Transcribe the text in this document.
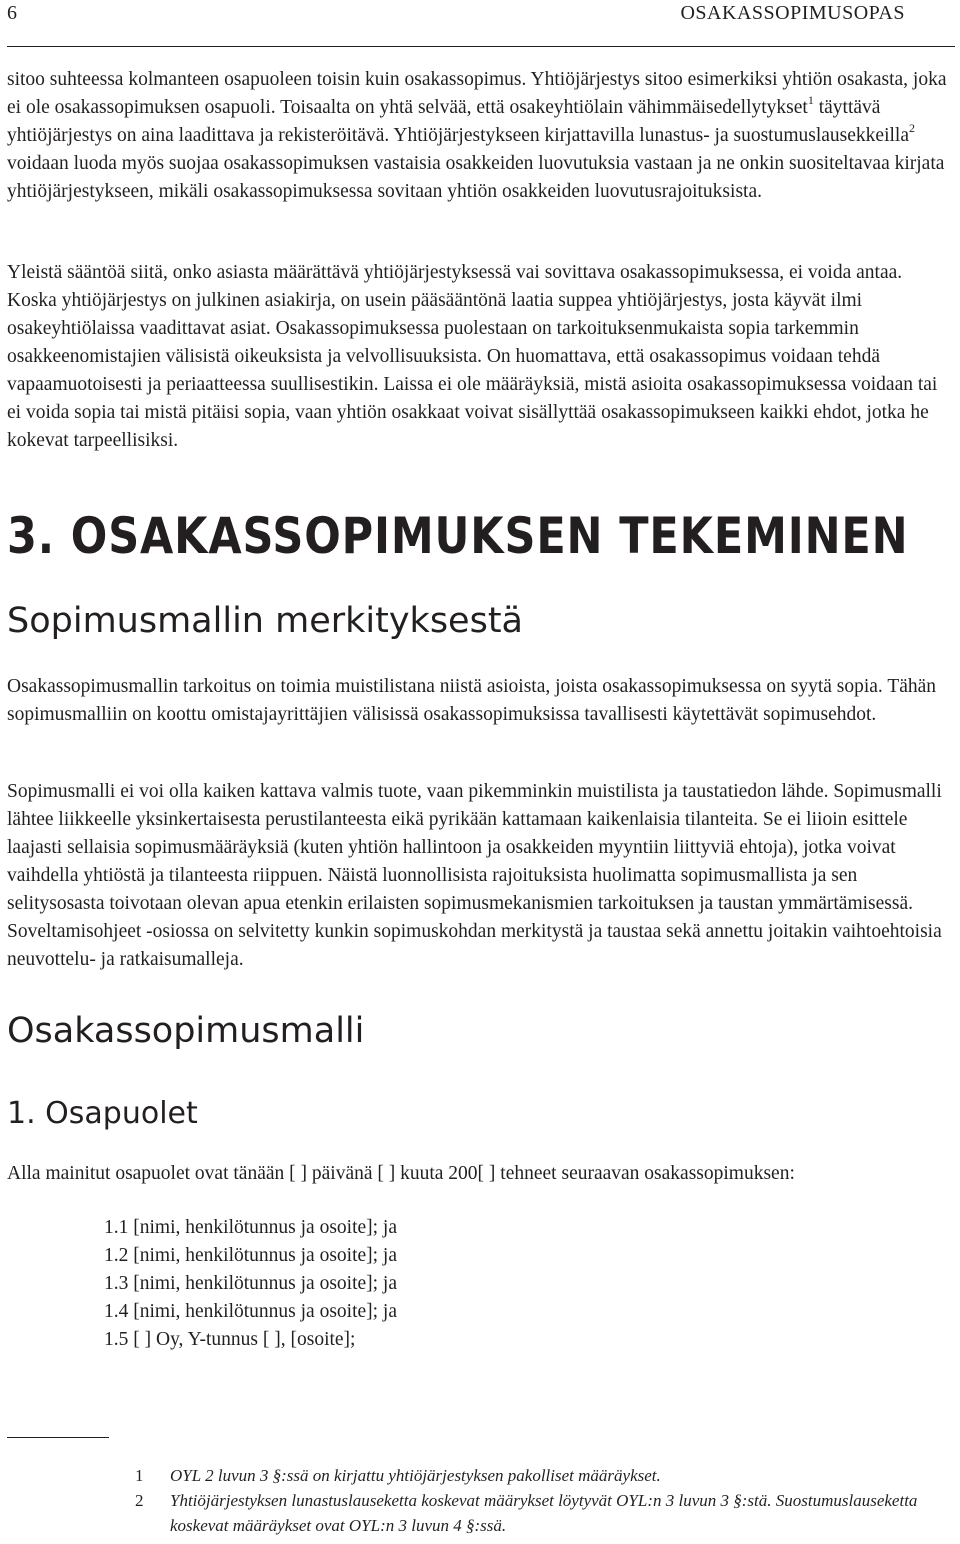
6	OSAKASSOPIMUSOPAS

sitoo suhteessa kolmanteen osapuoleen toisin kuin osakassopimus. Yhtiöjärjestys sitoo esimerkiksi yhtiön osakasta, joka ei ole osakassopimuksen osapuoli. Toisaalta on yhtä selvää, että osakeyhtiölain vähimmäisedellytykset$^1$ täyttävä yhtiöjärjestys on aina laadittava ja rekisteröitävä. Yhtiöjärjestykseen kirjattavilla lunastus- ja suostumuslausekkeilla$^2$ voidaan luoda myös suojaa osakassopimuksen vastaisia osakkeiden luovutuksia vastaan ja ne onkin suositeltavaa kirjata yhtiöjärjestykseen, mikäli osakassopimuksessa sovitaan yhtiön osakkeiden luovutusrajoituksista.

Yleistä sääntöä siitä, onko asiasta määrättävä yhtiöjärjestyksessä vai sovittava osakassopimuksessa, ei voida antaa. Koska yhtiöjärjestys on julkinen asiakirja, on usein pääsääntönä laatia suppea yhtiöjärjestys, josta käyvät ilmi osakeyhtiölaissa vaadittavat asiat. Osakassopimuksessa puolestaan on tarkoituksenmukaista sopia tarkemmin osakkeenomistajien välisistä oikeuksista ja velvollisuuksista. On huomattava, että osakassopimus voidaan tehdä vapaamuotoisesti ja periaatteessa suullisestikin. Laissa ei ole määräyksiä, mistä asioita osakassopimuksessa voidaan tai ei voida sopia tai mistä pitäisi sopia, vaan yhtiön osakkaat voivat sisällyttää osakassopimukseen kaikki ehdot, jotka he kokevat tarpeellisiksi.

3. OSAKASSOPIMUKSEN TEKEMINEN
Sopimusmallin merkityksestä

Osakassopimusmallin tarkoitus on toimia muistilistana niistä asioista, joista osakassopimuksessa on syytä sopia. Tähän sopimusmalliin on koottu omistajayrittäjien välisissä osakassopimuksissa tavallisesti käytettävät sopimusehdot.

Sopimusmalli ei voi olla kaiken kattava valmis tuote, vaan pikemminkin muistilista ja taustatiedon lähde. Sopimusmalli lähtee liikkeelle yksinkertaisesta perustilanteesta eikä pyrikään kattamaan kaikenlaisia tilanteita. Se ei liioin esittele laajasti sellaisia sopimusmääräyksiä (kuten yhtiön hallintoon ja osakkeiden myyntiin liittyviä ehtoja), jotka voivat vaihdella yhtiöstä ja tilanteesta riippuen. Näistä luonnollisista rajoituksista huolimatta sopimusmallista ja sen selitysosasta toivotaan olevan apua etenkin erilaisten sopimusmekanismien tarkoituksen ja taustan ymmärtämisessä. Soveltamisohjeet -osiossa on selvitetty kunkin sopimuskohdan merkitystä ja taustaa sekä annettu joitakin vaihtoehtoisia neuvottelu- ja ratkaisumalleja.

Osakassopimusmalli
1. Osapuolet

Alla mainitut osapuolet ovat tänään [ ] päivänä [ ] kuuta 200[ ] tehneet seuraavan osakassopimuksen:

1.1 [nimi, henkilötunnus ja osoite]; ja
1.2 [nimi, henkilötunnus ja osoite]; ja
1.3 [nimi, henkilötunnus ja osoite]; ja
1.4 [nimi, henkilötunnus ja osoite]; ja
1.5 [ ] Oy, Y-tunnus [ ], [osoite];
1 OYL 2 luvun 3 §:ssä on kirjattu yhtiöjärjestyksen pakolliset määräykset.
2 Yhtiöjärjestyksen lunastuslauseketta koskevat määrykset löytyvät OYL:n 3 luvun 3 §:stä. Suostumuslauseketta koskevat määräykset ovat OYL:n 3 luvun 4 §:ssä.
